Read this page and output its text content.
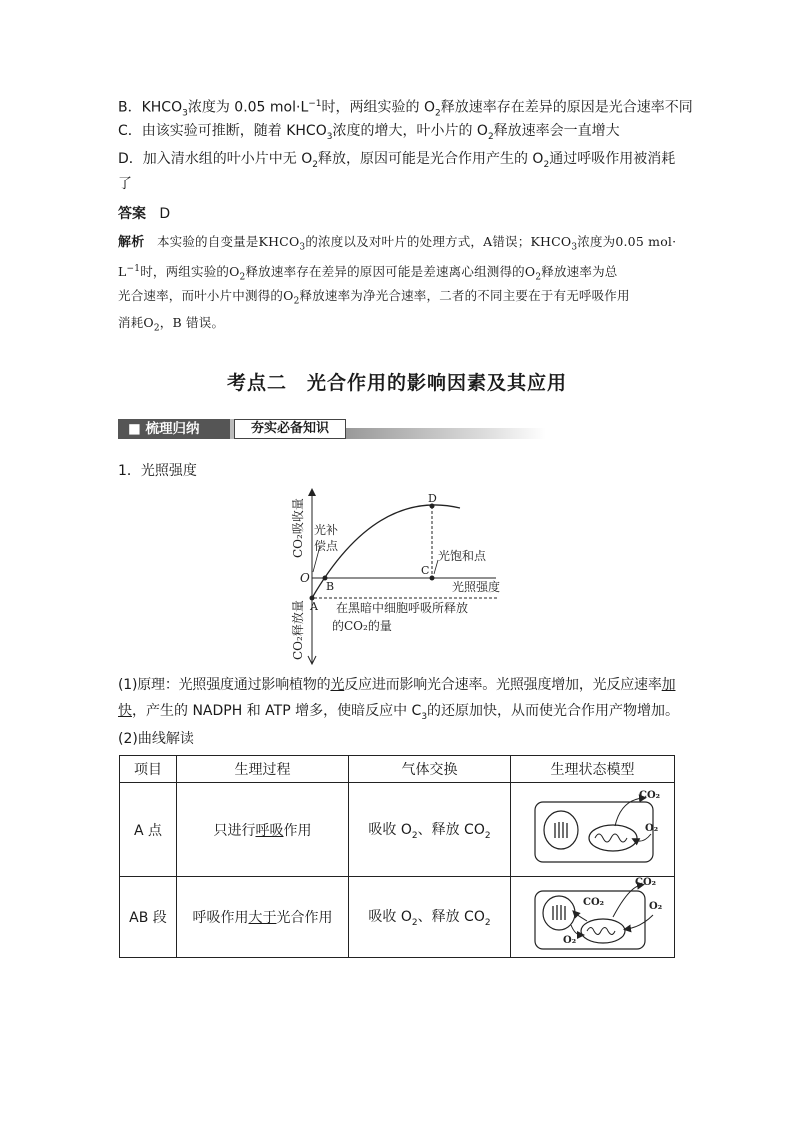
B．$KHCO_3$浓度为 0.05 $mol\cdot L^{-1}$时，两组实验的 $O_2$释放速率存在差异的原因是光合速率不同
C．由该实验可推断，随着 $KHCO_3$浓度的增大，叶小片的 $O_2$释放速率会一直增大
D．加入清水组的叶小片中无 $O_2$释放，原因可能是光合作用产生的 $O_2$通过呼吸作用被消耗
了
答案 D
解析 本实验的自变量是$KHCO_3$的浓度以及对叶片的处理方式，A错误；$KHCO_3$浓度为0.05 mol·
$L^{-1}$时，两组实验的$O_2$释放速率存在差异的原因可能是差速离心组测得的$O_2$释放速率为总
光合速率，而叶小片中测得的$O_2$释放速率为净光合速率，二者的不同主要在于有无呼吸作用
消耗$O_2$，B 错误。
考点二　光合作用的影响因素及其应用
■ 梳理归纳	夯实必备知识
1．光照强度
CO₂吸收量
CO₂释放量
O
A
B
C
D
光补
偿点
光饱和点
光照强度
在黑暗中细胞呼吸所释放
的CO₂的量
(1)原理：光照强度通过影响植物的光反应进而影响光合速率。光照强度增加，光反应速率加
快，产生的 NADPH 和 ATP 增多，使暗反应中 $C_3$的还原加快，从而使光合作用产物增加。
(2)曲线解读
项目	生理过程	气体交换	生理状态模型
A 点	只进行呼吸作用	吸收 $O_2$、释放 $CO_2$	CO₂
O₂

AB 段	呼吸作用大于光合作用	吸收 $O_2$、释放 $CO_2$	CO₂
CO₂ O₂
O₂
